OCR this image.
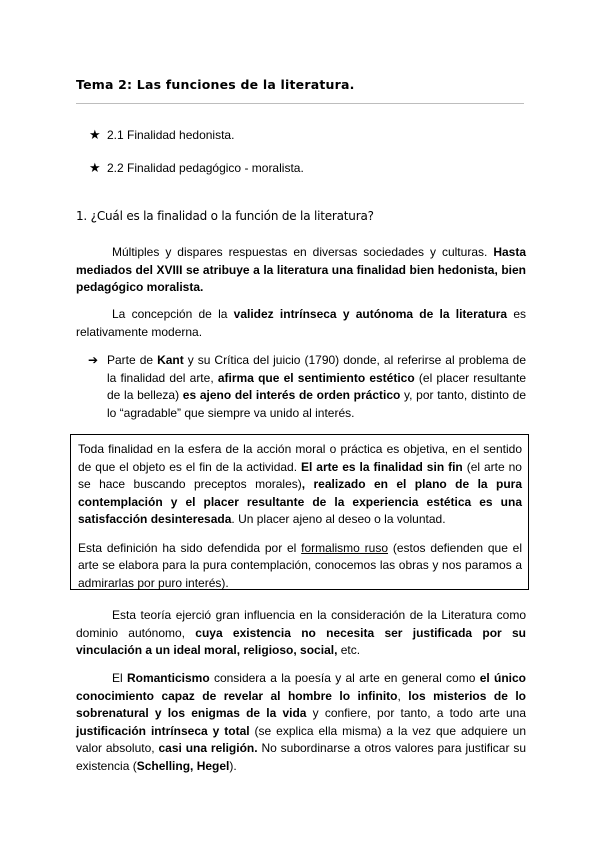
Tema 2: Las funciones de la literatura.
★ 2.1 Finalidad hedonista.
★ 2.2 Finalidad pedagógico - moralista.
1. ¿Cuál es la finalidad o la función de la literatura?

Múltiples y dispares respuestas en diversas sociedades y culturas. Hasta mediados del XVIII se atribuye a la literatura una finalidad bien hedonista, bien pedagógico moralista.

La concepción de la validez intrínseca y autónoma de la literatura es relativamente moderna.

➔ Parte de Kant y su Crítica del juicio (1790) donde, al referirse al problema de la finalidad del arte, afirma que el sentimiento estético (el placer resultante de la belleza) es ajeno del interés de orden práctico y, por tanto, distinto de lo “agradable” que siempre va unido al interés.

Toda finalidad en la esfera de la acción moral o práctica es objetiva, en el sentido de que el objeto es el fin de la actividad. El arte es la finalidad sin fin (el arte no se hace buscando preceptos morales), realizado en el plano de la pura contemplación y el placer resultante de la experiencia estética es una satisfacción desinteresada. Un placer ajeno al deseo o la voluntad.

Esta definición ha sido defendida por el formalismo ruso (estos defienden que el arte se elabora para la pura contemplación, conocemos las obras y nos paramos a admirarlas por puro interés).

Esta teoría ejerció gran influencia en la consideración de la Literatura como dominio autónomo, cuya existencia no necesita ser justificada por su vinculación a un ideal moral, religioso, social, etc.

El Romanticismo considera a la poesía y al arte en general como el único conocimiento capaz de revelar al hombre lo infinito, los misterios de lo sobrenatural y los enigmas de la vida y confiere, por tanto, a todo arte una justificación intrínseca y total (se explica ella misma) a la vez que adquiere un valor absoluto, casi una religión. No subordinarse a otros valores para justificar su existencia (Schelling, Hegel).
